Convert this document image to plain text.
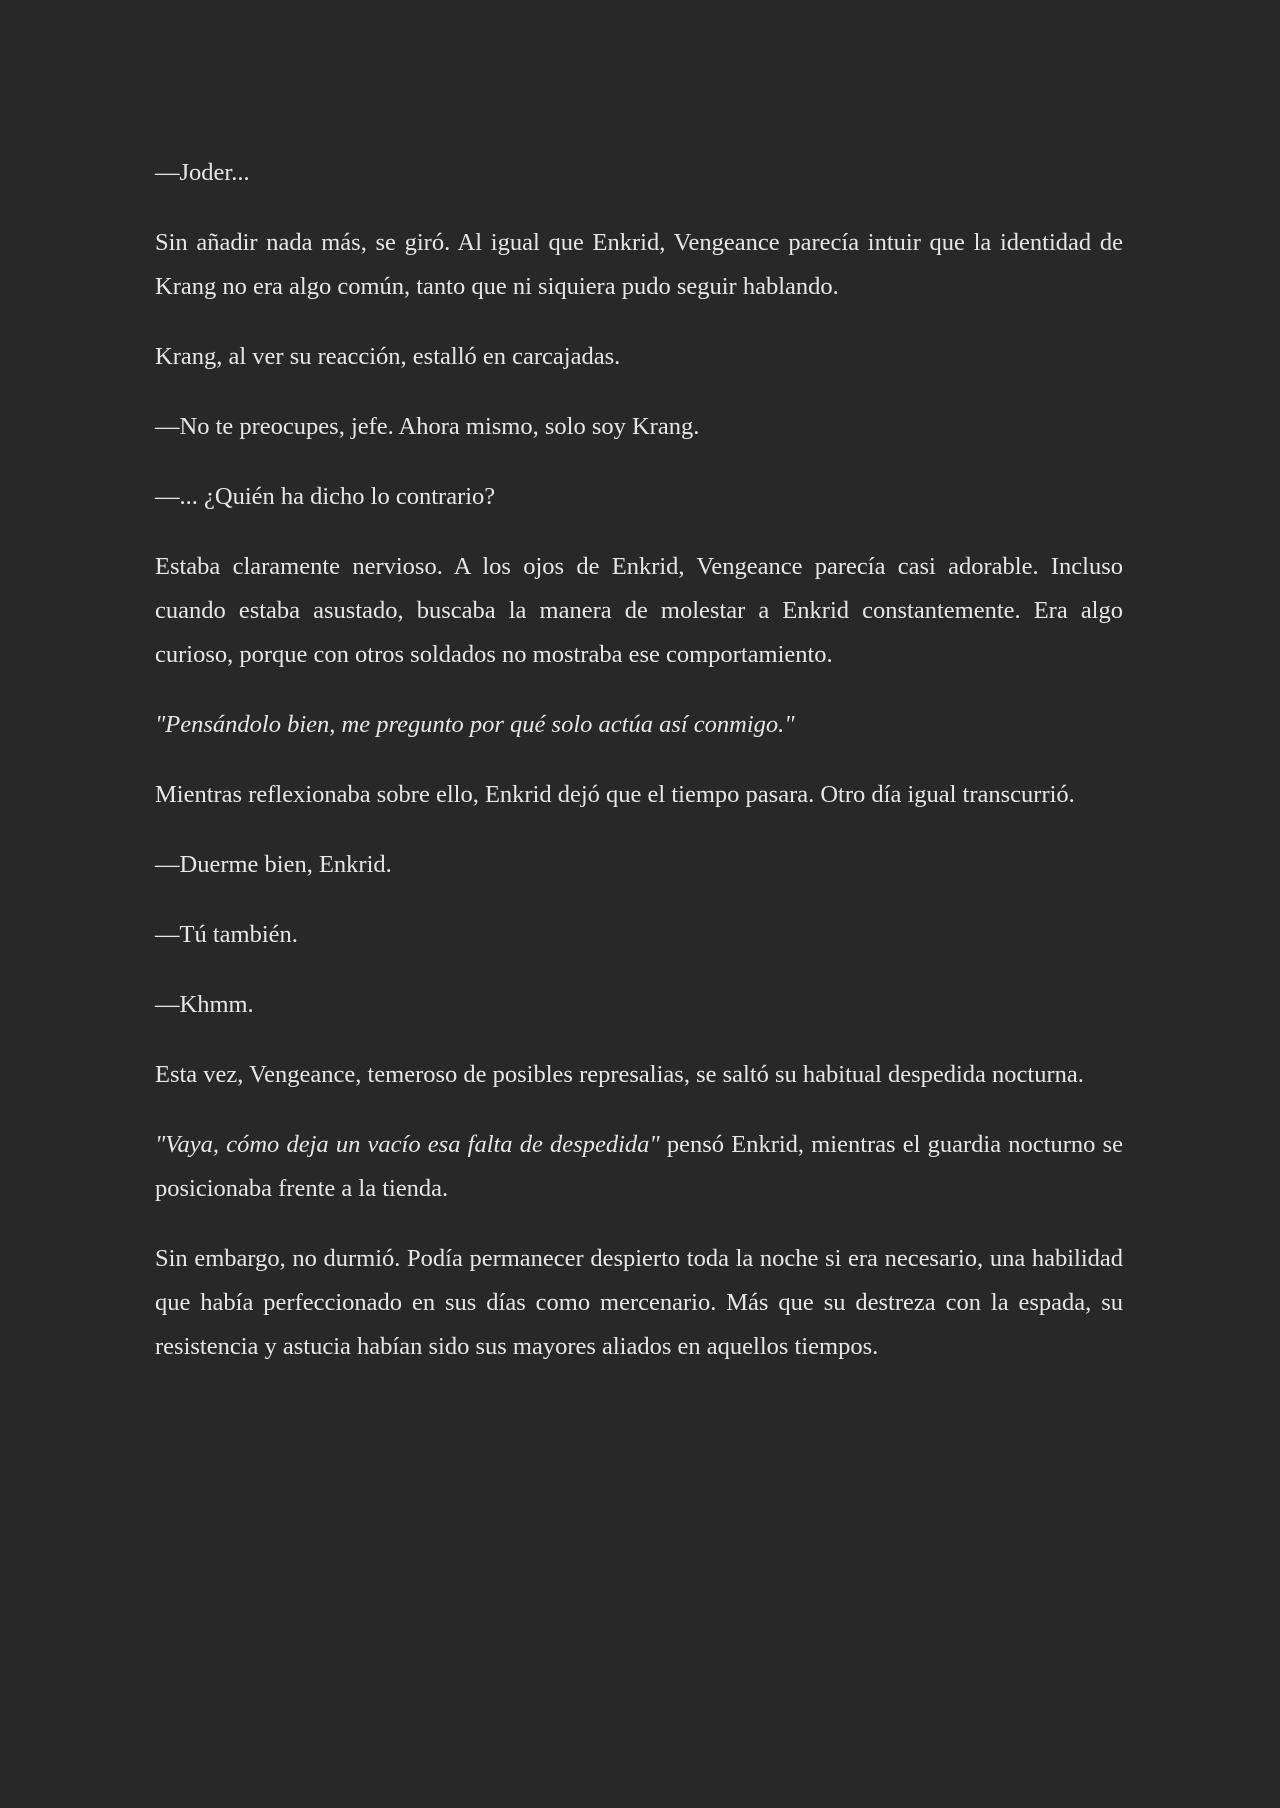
—Joder...

Sin añadir nada más, se giró. Al igual que Enkrid, Vengeance parecía intuir que la identidad de Krang no era algo común, tanto que ni siquiera pudo seguir hablando.

Krang, al ver su reacción, estalló en carcajadas.

—No te preocupes, jefe. Ahora mismo, solo soy Krang.

—... ¿Quién ha dicho lo contrario?

Estaba claramente nervioso. A los ojos de Enkrid, Vengeance parecía casi adorable. Incluso cuando estaba asustado, buscaba la manera de molestar a Enkrid constantemente. Era algo curioso, porque con otros soldados no mostraba ese comportamiento.

"Pensándolo bien, me pregunto por qué solo actúa así conmigo."

Mientras reflexionaba sobre ello, Enkrid dejó que el tiempo pasara. Otro día igual transcurrió.

—Duerme bien, Enkrid.

—Tú también.

—Khmm.

Esta vez, Vengeance, temeroso de posibles represalias, se saltó su habitual despedida nocturna.

"Vaya, cómo deja un vacío esa falta de despedida" pensó Enkrid, mientras el guardia nocturno se posicionaba frente a la tienda.

Sin embargo, no durmió. Podía permanecer despierto toda la noche si era necesario, una habilidad que había perfeccionado en sus días como mercenario. Más que su destreza con la espada, su resistencia y astucia habían sido sus mayores aliados en aquellos tiempos.
